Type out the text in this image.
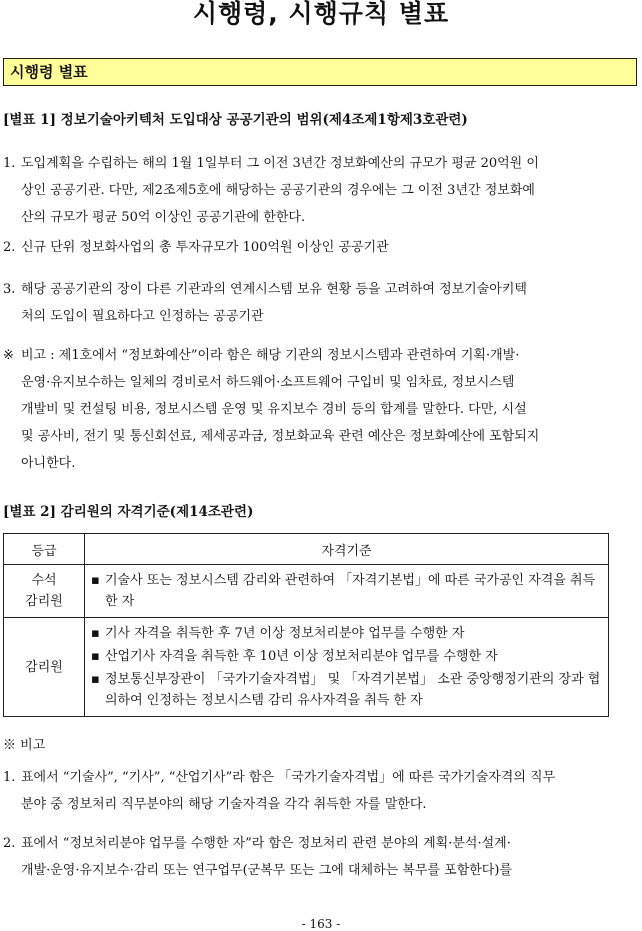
시행령, 시행규칙 별표
시행령 별표
[별표 1] 정보기술아키텍처 도입대상 공공기관의 범위(제4조제1항제3호관련)
1. 도입계획을 수립하는 해의 1월 1일부터 그 이전 3년간 정보화예산의 규모가 평균 20억원 이
상인 공공기관. 다만, 제2조제5호에 해당하는 공공기관의 경우에는 그 이전 3년간 정보화예
산의 규모가 평균 50억 이상인 공공기관에 한한다.
2. 신규 단위 정보화사업의 총 투자규모가 100억원 이상인 공공기관
3. 해당 공공기관의 장이 다른 기관과의 연계시스템 보유 현황 등을 고려하여 정보기술아키텍
처의 도입이 필요하다고 인정하는 공공기관
※ 비고 : 제1호에서 “정보화예산”이라 함은 해당 기관의 정보시스템과 관련하여 기획·개발·
운영·유지보수하는 일체의 경비로서 하드웨어·소프트웨어 구입비 및 임차료, 정보시스템
개발비 및 컨설팅 비용, 정보시스템 운영 및 유지보수 경비 등의 합계를 말한다. 다만, 시설
및 공사비, 전기 및 통신회선료, 제세공과금, 정보화교육 관련 예산은 정보화예산에 포함되지
아니한다.
[별표 2] 감리원의 자격기준(제14조관련)
등급	자격기준
수석
감리원	▪ 기술사 또는 정보시스템 감리와 관련하여 「자격기본법」에 따른 국가공인 자격을 취득한 자

감리원	▪ 기사 자격을 취득한 후 7년 이상 정보처리분야 업무를 수행한 자
▪ 산업기사 자격을 취득한 후 10년 이상 정보처리분야 업무를 수행한 자
▪ 정보통신부장관이 「국가기술자격법」 및 「자격기본법」 소관 중앙행정기관의 장과 협의하여 인정하는 정보시스템 감리 유사자격을 취득 한 자
※ 비고
1. 표에서 “기술사”, “기사”, “산업기사”라 함은 「국가기술자격법」에 따른 국가기술자격의 직무
분야 중 정보처리 직무분야의 해당 기술자격을 각각 취득한 자를 말한다.
2. 표에서 “정보처리분야 업무를 수행한 자”라 함은 정보처리 관련 분야의 계획·분석·설계·
개발·운영·유지보수·감리 또는 연구업무(군복무 또는 그에 대체하는 복무를 포함한다)를
- 163 -
